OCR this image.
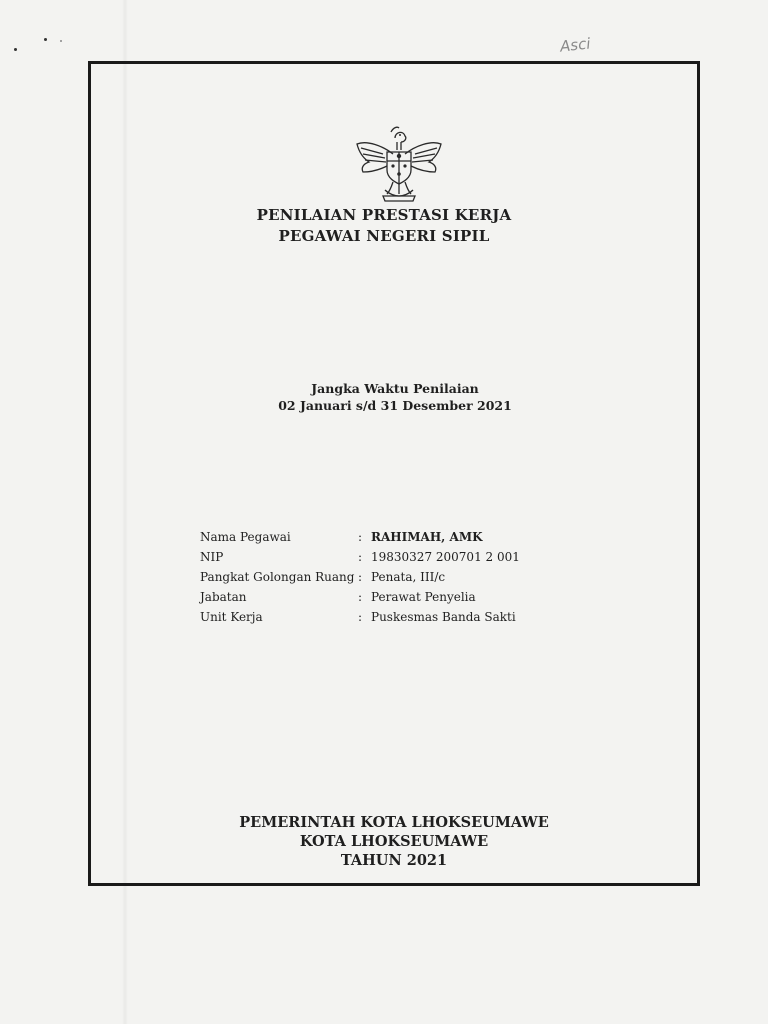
Asci
PENILAIAN PRESTASI KERJA
PEGAWAI NEGERI SIPIL
Jangka Waktu Penilaian
02 Januari s/d 31 Desember 2021
Nama Pegawai	: RAHIMAH, AMK
NIP	: 19830327 200701 2 001
Pangkat Golongan Ruang : Penata, III/c
Jabatan	: Perawat Penyelia
Unit Kerja	: Puskesmas Banda Sakti
PEMERINTAH KOTA LHOKSEUMAWE
KOTA LHOKSEUMAWE
TAHUN 2021
